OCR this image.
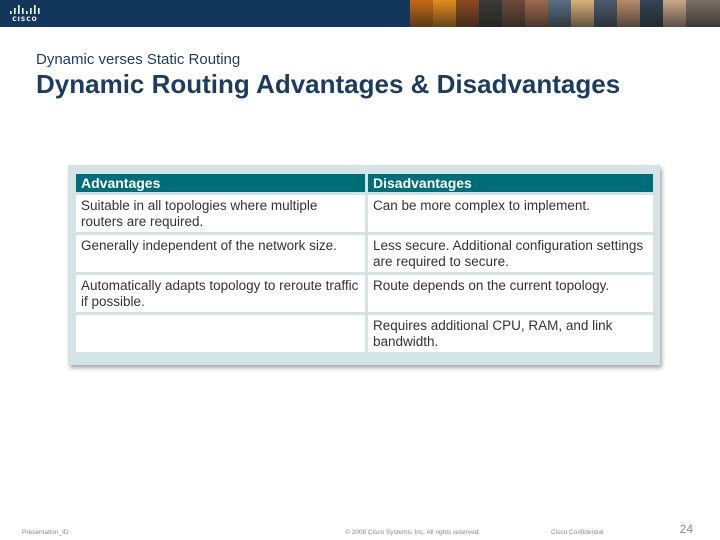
CISCO
Dynamic verses Static Routing
Dynamic Routing Advantages & Disadvantages
Advantages	Disadvantages
Suitable in all topologies where multiple routers are required.	Can be more complex to implement.
Generally independent of the network size.	Less secure. Additional configuration settings are required to secure.
Automatically adapts topology to reroute traffic if possible.	Route depends on the current topology.
	Requires additional CPU, RAM, and link bandwidth.
Presentation_ID	© 2008 Cisco Systems, Inc. All rights reserved.	Cisco Confidential	24
